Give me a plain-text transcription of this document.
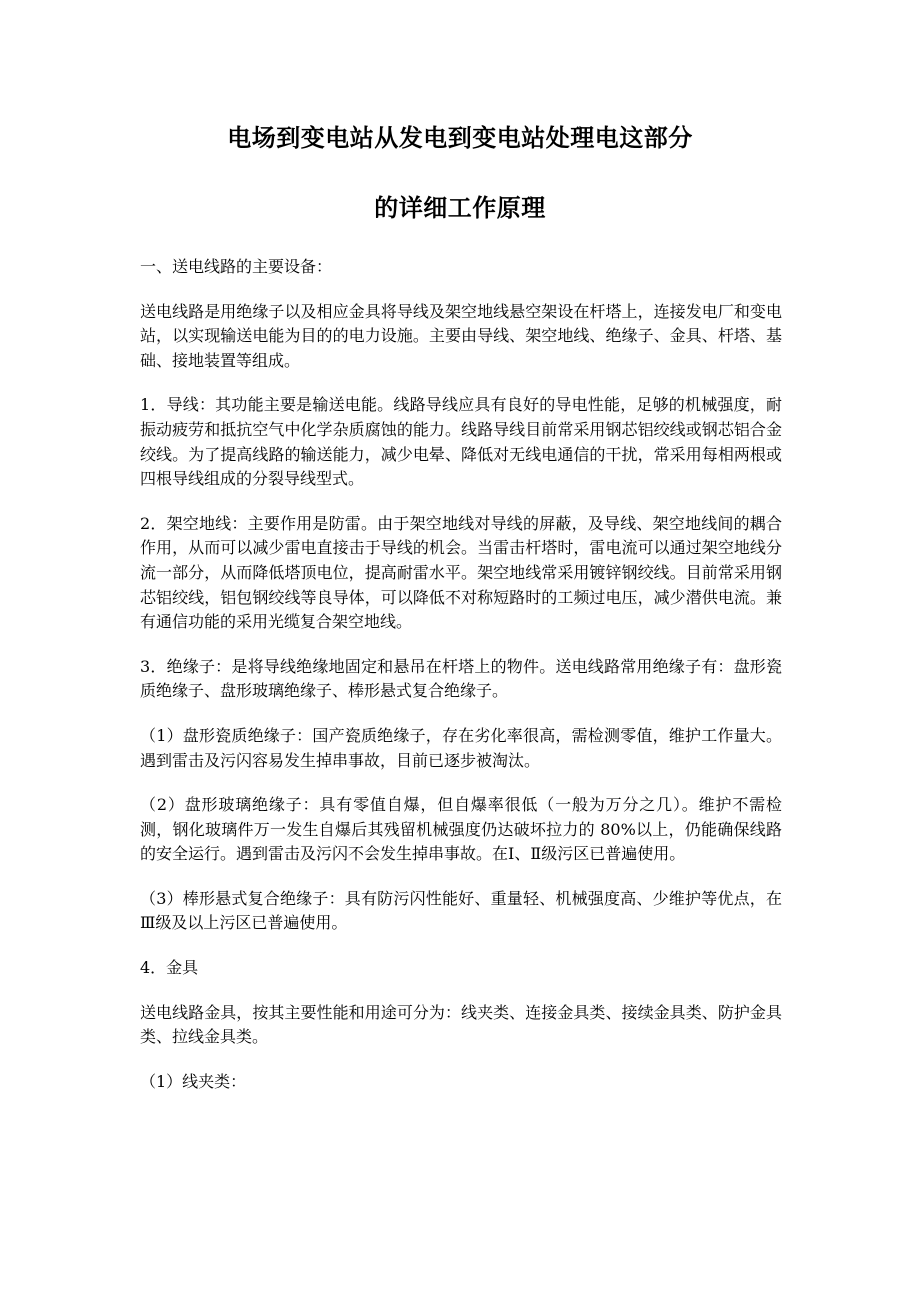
电场到变电站从发电到变电站处理电这部分
的详细工作原理

一、送电线路的主要设备：

送电线路是用绝缘子以及相应金具将导线及架空地线悬空架设在杆塔上，连接发电厂和变电站，以实现输送电能为目的的电力设施。主要由导线、架空地线、绝缘子、金具、杆塔、基础、接地装置等组成。

1．导线：其功能主要是输送电能。线路导线应具有良好的导电性能，足够的机械强度，耐振动疲劳和抵抗空气中化学杂质腐蚀的能力。线路导线目前常采用钢芯铝绞线或钢芯铝合金绞线。为了提高线路的输送能力，减少电晕、降低对无线电通信的干扰，常采用每相两根或四根导线组成的分裂导线型式。

2．架空地线：主要作用是防雷。由于架空地线对导线的屏蔽，及导线、架空地线间的耦合作用，从而可以减少雷电直接击于导线的机会。当雷击杆塔时，雷电流可以通过架空地线分流一部分，从而降低塔顶电位，提高耐雷水平。架空地线常采用镀锌钢绞线。目前常采用钢芯铝绞线，铝包钢绞线等良导体，可以降低不对称短路时的工频过电压，减少潜供电流。兼有通信功能的采用光缆复合架空地线。

3．绝缘子：是将导线绝缘地固定和悬吊在杆塔上的物件。送电线路常用绝缘子有：盘形瓷质绝缘子、盘形玻璃绝缘子、棒形悬式复合绝缘子。

（1）盘形瓷质绝缘子：国产瓷质绝缘子，存在劣化率很高，需检测零值，维护工作量大。遇到雷击及污闪容易发生掉串事故，目前已逐步被淘汰。

（2）盘形玻璃绝缘子：具有零值自爆，但自爆率很低（一般为万分之几）。维护不需检测，钢化玻璃件万一发生自爆后其残留机械强度仍达破坏拉力的 80%以上，仍能确保线路的安全运行。遇到雷击及污闪不会发生掉串事故。在Ⅰ、Ⅱ级污区已普遍使用。

（3）棒形悬式复合绝缘子：具有防污闪性能好、重量轻、机械强度高、少维护等优点，在Ⅲ级及以上污区已普遍使用。

4．金具

送电线路金具，按其主要性能和用途可分为：线夹类、连接金具类、接续金具类、防护金具类、拉线金具类。

（1）线夹类：
